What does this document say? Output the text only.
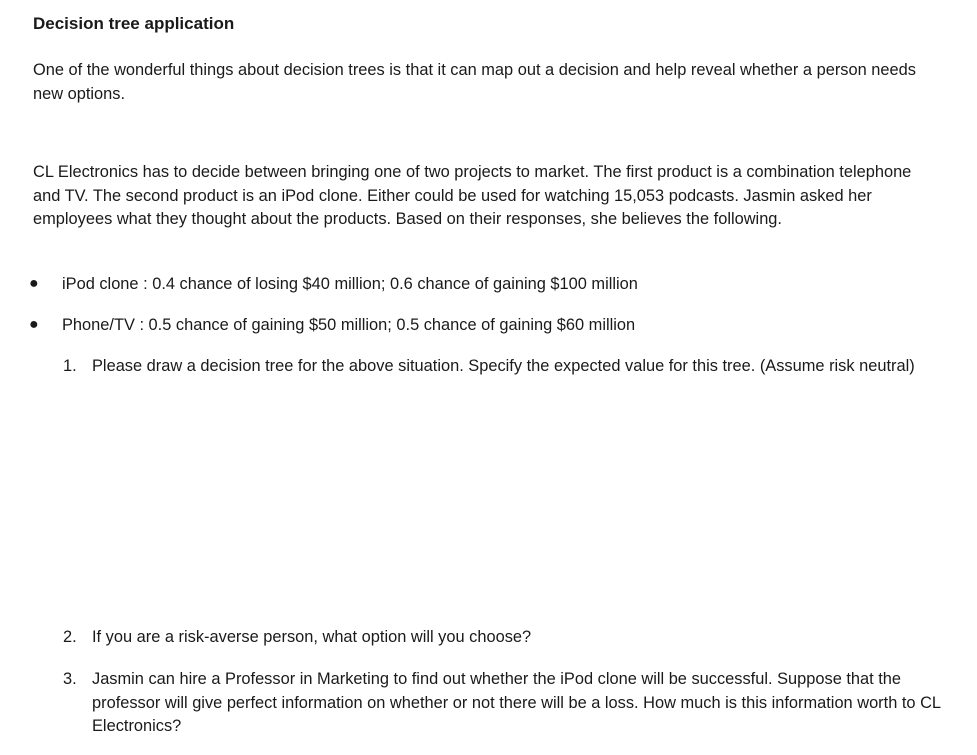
Decision tree application

One of the wonderful things about decision trees is that it can map out a decision and help reveal whether a person needs new options.

CL Electronics has to decide between bringing one of two projects to market. The first product is a combination telephone and TV. The second product is an iPod clone. Either could be used for watching 15,053 podcasts. Jasmin asked her employees what they thought about the products. Based on their responses, she believes the following.

● iPod clone : 0.4 chance of losing $40 million; 0.6 chance of gaining $100 million
● Phone/TV : 0.5 chance of gaining $50 million; 0.5 chance of gaining $60 million
1. Please draw a decision tree for the above situation. Specify the expected value for this tree. (Assume risk neutral)
2. If you are a risk-averse person, what option will you choose?
3. Jasmin can hire a Professor in Marketing to find out whether the iPod clone will be successful. Suppose that the professor will give perfect information on whether or not there will be a loss. How much is this information worth to CL Electronics?
